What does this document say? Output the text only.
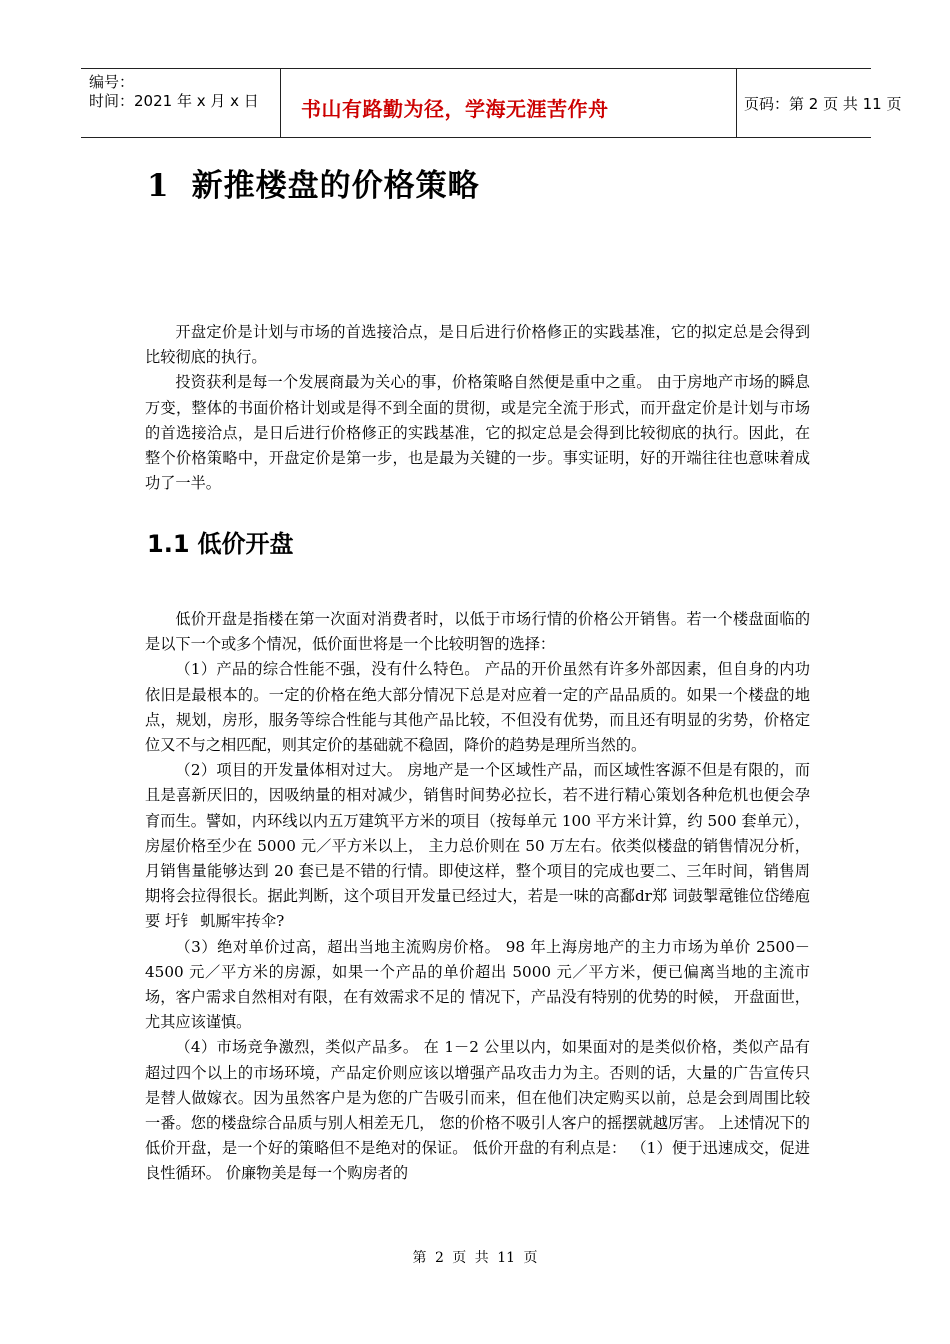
编号：
时间：2021 年 x 月 x 日	书山有路勤为径，学海无涯苦作舟	页码：第 2 页 共 11 页
1 新推楼盘的价格策略

开盘定价是计划与市场的首选接洽点，是日后进行价格修正的实践基准，它的拟定总是会得到比较彻底的执行。

投资获利是每一个发展商最为关心的事，价格策略自然便是重中之重。 由于房地产市场的瞬息万变，整体的书面价格计划或是得不到全面的贯彻，或是完全流于形式，而开盘定价是计划与市场的首选接洽点，是日后进行价格修正的实践基准，它的拟定总是会得到比较彻底的执行。因此，在整个价格策略中，开盘定价是第一步，也是最为关键的一步。事实证明，好的开端往往也意味着成功了一半。

1.1 低价开盘

低价开盘是指楼在第一次面对消费者时，以低于市场行情的价格公开销售。若一个楼盘面临的是以下一个或多个情况，低价面世将是一个比较明智的选择：

（1）产品的综合性能不强，没有什么特色。 产品的开价虽然有许多外部因素，但自身的内功依旧是最根本的。一定的价格在绝大部分情况下总是对应着一定的产品品质的。如果一个楼盘的地点，规划，房形，服务等综合性能与其他产品比较，不但没有优势，而且还有明显的劣势，价格定位又不与之相匹配，则其定价的基础就不稳固，降价的趋势是理所当然的。

（2）项目的开发量体相对过大。 房地产是一个区域性产品，而区域性客源不但是有限的，而且是喜新厌旧的，因吸纳量的相对减少，销售时间势必拉长，若不进行精心策划各种危机也便会孕育而生。譬如，内环线以内五万建筑平方米的项目（按每单元 100 平方米计算，约 500 套单元），房屋价格至少在 5000 元／平方米以上， 主力总价则在 50 万左右。依类似楼盘的销售情况分析，月销售量能够达到 20 套已是不错的行情。即使这样，整个项目的完成也要二、三年时间，销售周期将会拉得很长。据此判断，这个项目开发量已经过大，若是一味的高鄱dr郑 词鼓掣鼋锥位岱绻庖 要 圩钅 虮厮牢抟伞?

（3）绝对单价过高，超出当地主流购房价格。 98 年上海房地产的主力市场为单价 2500－4500 元／平方米的房源，如果一个产品的单价超出 5000 元／平方米，便已偏离当地的主流市场，客户需求自然相对有限，在有效需求不足的 情况下，产品没有特别的优势的时候， 开盘面世，尤其应该谨慎。

（4）市场竞争激烈，类似产品多。 在 1－2 公里以内，如果面对的是类似价格，类似产品有超过四个以上的市场环境，产品定价则应该以增强产品攻击力为主。否则的话，大量的广告宣传只是替人做嫁衣。因为虽然客户是为您的广告吸引而来，但在他们决定购买以前，总是会到周围比较一番。您的楼盘综合品质与别人相差无几， 您的价格不吸引人客户的摇摆就越厉害。 上述情况下的低价开盘，是一个好的策略但不是绝对的保证。 低价开盘的有利点是： （1）便于迅速成交，促进良性循环。 价廉物美是每一个购房者的

第 2 页 共 11 页
